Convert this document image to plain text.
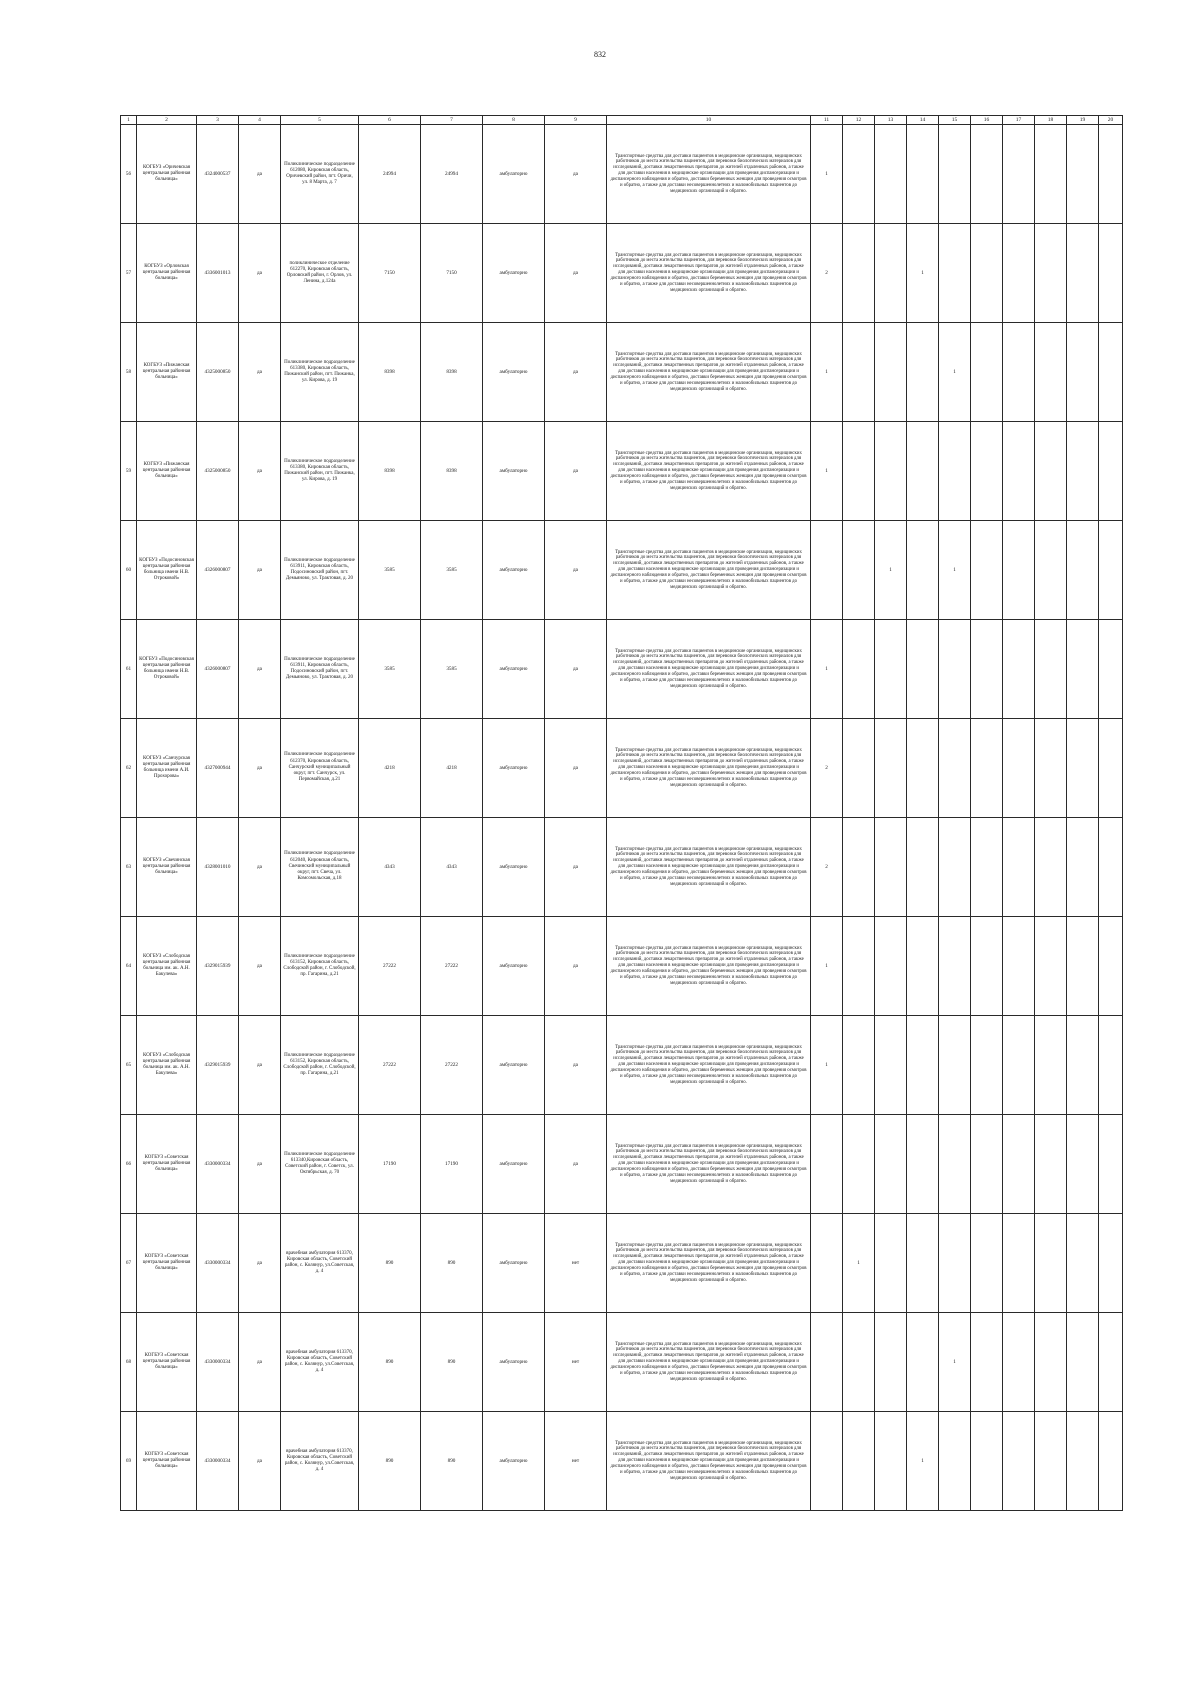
832
1	2	3	4	5	6	7	8	9	10	11	12	13	14	15	16	17	18	19	20
56	КОГБУЗ «Оричевская центральная районная больница»	4324000537	да	Поликлиническое подразделение 612080, Кировская область, Оричевский район, пгт. Оричи, ул. 8 Марта, д. 7	24994	24994	амбулаторно	да	Транспортные средства для доставки пациентов в медицинские организации, медицинских работников до места жительства пациентов, для перевозки биологических материалов для исследований, доставки лекарственных препаратов до жителей отдаленных районов, а также для доставки населения в медицинские организации для проведения диспансеризации и диспансерного наблюдения и обратно, доставки беременных женщин для проведения осмотров и обратно, а также для доставки несовершеннолетних и маломобильных пациентов до медицинских организаций и обратно.	1									
57	КОГБУЗ «Орловская центральная районная больница»	4336001013	да	поликлиническое отделение 612270, Кировская область, Орловский район, г. Орлов, ул. Ленина, д.124а	7150	7150	амбулаторно	да	Транспортные средства для доставки пациентов в медицинские организации, медицинских работников до места жительства пациентов, для перевозки биологических материалов для исследований, доставки лекарственных препаратов до жителей отдаленных районов, а также для доставки населения в медицинские организации для проведения диспансеризации и диспансерного наблюдения и обратно, доставки беременных женщин для проведения осмотров и обратно, а также для доставки несовершеннолетних и маломобильных пациентов до медицинских организаций и обратно.	2			1						
58	КОГБУЗ «Пижанская центральная районная больница»	4325000850	да	Поликлиническое подразделение 613380, Кировская область, Пижанский район, пгт. Пижанка, ул. Кирова, д. 19	8398	8398	амбулаторно	да	Транспортные средства для доставки пациентов в медицинские организации, медицинских работников до места жительства пациентов, для перевозки биологических материалов для исследований, доставки лекарственных препаратов до жителей отдаленных районов, а также для доставки населения в медицинские организации для проведения диспансеризации и диспансерного наблюдения и обратно, доставки беременных женщин для проведения осмотров и обратно, а также для доставки несовершеннолетних и маломобильных пациентов до медицинских организаций и обратно.	1				1					
59	КОГБУЗ «Пижанская центральная районная больница»	4325000850	да	Поликлиническое подразделение 613380, Кировская область, Пижанский район, пгт. Пижанка, ул. Кирова, д. 19	8398	8398	амбулаторно	да	Транспортные средства для доставки пациентов в медицинские организации, медицинских работников до места жительства пациентов, для перевозки биологических материалов для исследований, доставки лекарственных препаратов до жителей отдаленных районов, а также для доставки населения в медицинские организации для проведения диспансеризации и диспансерного наблюдения и обратно, доставки беременных женщин для проведения осмотров и обратно, а также для доставки несовершеннолетних и маломобильных пациентов до медицинских организаций и обратно.	1									
60	КОГБУЗ «Подосиновская центральная районная больница имени Н.В. Отроковой»	4326000807	да	Поликлиническое подразделение 613911, Кировская область, Подосиновский район, пгт. Демьяново, ул. Трактовая, д. 20	3585	3585	амбулаторно	да	Транспортные средства для доставки пациентов в медицинские организации, медицинских работников до места жительства пациентов, для перевозки биологических материалов для исследований, доставки лекарственных препаратов до жителей отдаленных районов, а также для доставки населения в медицинские организации для проведения диспансеризации и диспансерного наблюдения и обратно, доставки беременных женщин для проведения осмотров и обратно, а также для доставки несовершеннолетних и маломобильных пациентов до медицинских организаций и обратно.			1		1					
61	КОГБУЗ «Подосиновская центральная районная больница имени Н.В. Отроковой»	4326000807	да	Поликлиническое подразделение 613911, Кировская область, Подосиновский район, пгт. Демьяново, ул. Трактовая, д. 20	3585	3585	амбулаторно	да	Транспортные средства для доставки пациентов в медицинские организации, медицинских работников до места жительства пациентов, для перевозки биологических материалов для исследований, доставки лекарственных препаратов до жителей отдаленных районов, а также для доставки населения в медицинские организации для проведения диспансеризации и диспансерного наблюдения и обратно, доставки беременных женщин для проведения осмотров и обратно, а также для доставки несовершеннолетних и маломобильных пациентов до медицинских организаций и обратно.	1									
62	КОГБУЗ «Санчурская центральная районная больница имени А.И. Прохорова»	4327000944	да	Поликлиническое подразделение 612370, Кировская область, Санчурский муниципальный округ, пгт. Санчурск, ул. Первомайская, д.21	4218	4218	амбулаторно	да	Транспортные средства для доставки пациентов в медицинские организации, медицинских работников до места жительства пациентов, для перевозки биологических материалов для исследований, доставки лекарственных препаратов до жителей отдаленных районов, а также для доставки населения в медицинские организации для проведения диспансеризации и диспансерного наблюдения и обратно, доставки беременных женщин для проведения осмотров и обратно, а также для доставки несовершеннолетних и маломобильных пациентов до медицинских организаций и обратно.	2									
63	КОГБУЗ «Свечинская центральная районная больница»	4328001010	да	Поликлиническое подразделение 612040, Кировская область, Свечинский муниципальный округ, пгт. Свеча, ул. Комсомольская, д.18	4343	4343	амбулаторно	да	Транспортные средства для доставки пациентов в медицинские организации, медицинских работников до места жительства пациентов, для перевозки биологических материалов для исследований, доставки лекарственных препаратов до жителей отдаленных районов, а также для доставки населения в медицинские организации для проведения диспансеризации и диспансерного наблюдения и обратно, доставки беременных женщин для проведения осмотров и обратно, а также для доставки несовершеннолетних и маломобильных пациентов до медицинских организаций и обратно.	2									
64	КОГБУЗ «Слободская центральная районная больница им. ак. А.Н. Бакулева»	4329015939	да	Поликлиническое подразделение 613152, Кировская область, Слободской район, г. Слободской, пр. Гагарина, д.21	27222	27222	амбулаторно	да	Транспортные средства для доставки пациентов в медицинские организации, медицинских работников до места жительства пациентов, для перевозки биологических материалов для исследований, доставки лекарственных препаратов до жителей отдаленных районов, а также для доставки населения в медицинские организации для проведения диспансеризации и диспансерного наблюдения и обратно, доставки беременных женщин для проведения осмотров и обратно, а также для доставки несовершеннолетних и маломобильных пациентов до медицинских организаций и обратно.	1									
65	КОГБУЗ «Слободская центральная районная больница им. ак. А.Н. Бакулева»	4329015939	да	Поликлиническое подразделение 613152, Кировская область, Слободской район, г. Слободской, пр. Гагарина, д.21	27222	27222	амбулаторно	да	Транспортные средства для доставки пациентов в медицинские организации, медицинских работников до места жительства пациентов, для перевозки биологических материалов для исследований, доставки лекарственных препаратов до жителей отдаленных районов, а также для доставки населения в медицинские организации для проведения диспансеризации и диспансерного наблюдения и обратно, доставки беременных женщин для проведения осмотров и обратно, а также для доставки несовершеннолетних и маломобильных пациентов до медицинских организаций и обратно.	1									
66	КОГБУЗ «Советская центральная районная больница»	4330000334	да	Поликлиническое подразделение 613340,Кировская область, Советский район, г. Советск, ул. Октябрьская, д. 70	17190	17190	амбулаторно	да	Транспортные средства для доставки пациентов в медицинские организации, медицинских работников до места жительства пациентов, для перевозки биологических материалов для исследований, доставки лекарственных препаратов до жителей отдаленных районов, а также для доставки населения в медицинские организации для проведения диспансеризации и диспансерного наблюдения и обратно, доставки беременных женщин для проведения осмотров и обратно, а также для доставки несовершеннолетних и маломобильных пациентов до медицинских организаций и обратно.										
67	КОГБУЗ «Советская центральная районная больница»	4330000334	да	врачебная амбулатория 613370, Кировская область, Советский район, с. Колянур, ул.Советская, д. 4	890	890	амбулаторно	нет	Транспортные средства для доставки пациентов в медицинские организации, медицинских работников до места жительства пациентов, для перевозки биологических материалов для исследований, доставки лекарственных препаратов до жителей отдаленных районов, а также для доставки населения в медицинские организации для проведения диспансеризации и диспансерного наблюдения и обратно, доставки беременных женщин для проведения осмотров и обратно, а также для доставки несовершеннолетних и маломобильных пациентов до медицинских организаций и обратно.		1								
68	КОГБУЗ «Советская центральная районная больница»	4330000334	да	врачебная амбулатория 613370, Кировская область, Советский район, с. Колянур, ул.Советская, д. 4	890	890	амбулаторно	нет	Транспортные средства для доставки пациентов в медицинские организации, медицинских работников до места жительства пациентов, для перевозки биологических материалов для исследований, доставки лекарственных препаратов до жителей отдаленных районов, а также для доставки населения в медицинские организации для проведения диспансеризации и диспансерного наблюдения и обратно, доставки беременных женщин для проведения осмотров и обратно, а также для доставки несовершеннолетних и маломобильных пациентов до медицинских организаций и обратно.					1					
69	КОГБУЗ «Советская центральная районная больница»	4330000334	да	врачебная амбулатория 613370, Кировская область, Советский район, с. Колянур, ул.Советская, д. 4	890	890	амбулаторно	нет	Транспортные средства для доставки пациентов в медицинские организации, медицинских работников до места жительства пациентов, для перевозки биологических материалов для исследований, доставки лекарственных препаратов до жителей отдаленных районов, а также для доставки населения в медицинские организации для проведения диспансеризации и диспансерного наблюдения и обратно, доставки беременных женщин для проведения осмотров и обратно, а также для доставки несовершеннолетних и маломобильных пациентов до медицинских организаций и обратно.				1						
